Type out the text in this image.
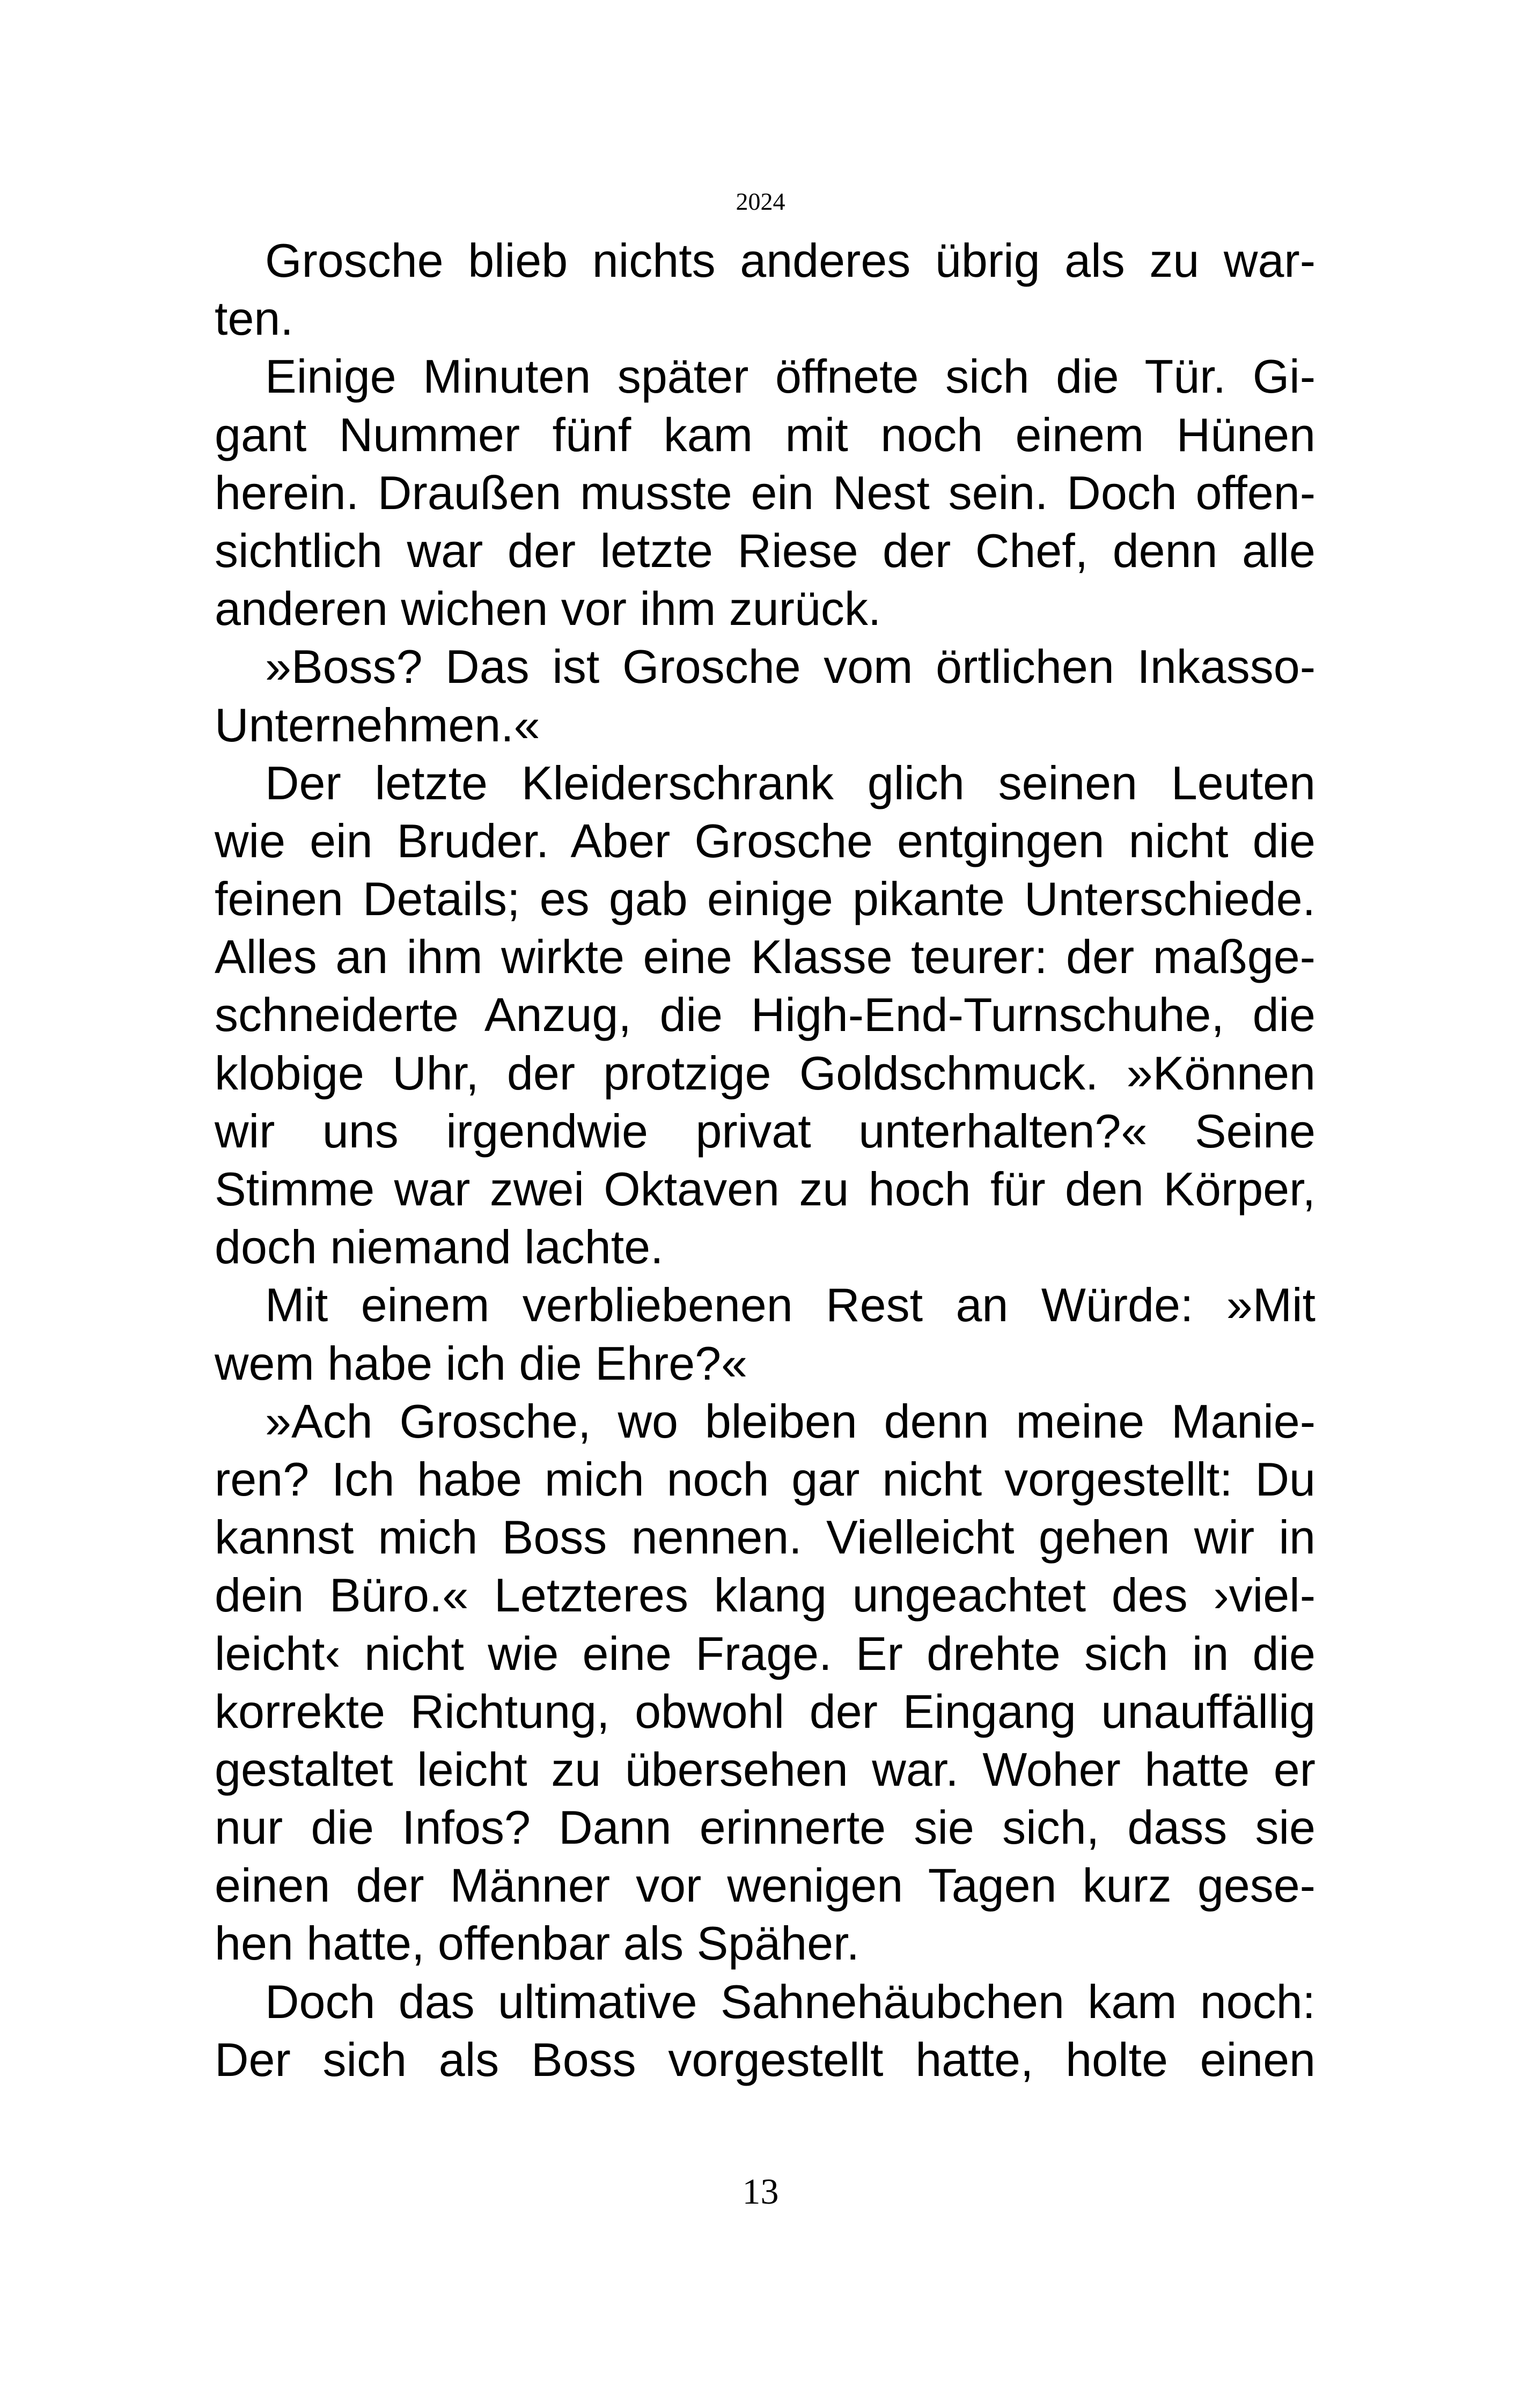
2024
Grosche blieb nichts anderes übrig als zu war-
ten.
Einige Minuten später öffnete sich die Tür. Gi-
gant Nummer fünf kam mit noch einem Hünen
herein. Draußen musste ein Nest sein. Doch offen-
sichtlich war der letzte Riese der Chef, denn alle
anderen wichen vor ihm zurück.
»Boss? Das ist Grosche vom örtlichen Inkasso-
Unternehmen.«
Der letzte Kleiderschrank glich seinen Leuten
wie ein Bruder. Aber Grosche entgingen nicht die
feinen Details; es gab einige pikante Unterschiede.
Alles an ihm wirkte eine Klasse teurer: der maßge-
schneiderte Anzug, die High-End-Turnschuhe, die
klobige Uhr, der protzige Goldschmuck. »Können
wir uns irgendwie privat unterhalten?« Seine
Stimme war zwei Oktaven zu hoch für den Körper,
doch niemand lachte.
Mit einem verbliebenen Rest an Würde: »Mit
wem habe ich die Ehre?«
»Ach Grosche, wo bleiben denn meine Manie-
ren? Ich habe mich noch gar nicht vorgestellt: Du
kannst mich Boss nennen. Vielleicht gehen wir in
dein Büro.« Letzteres klang ungeachtet des ›viel-
leicht‹ nicht wie eine Frage. Er drehte sich in die
korrekte Richtung, obwohl der Eingang unauffällig
gestaltet leicht zu übersehen war. Woher hatte er
nur die Infos? Dann erinnerte sie sich, dass sie
einen der Männer vor wenigen Tagen kurz gese-
hen hatte, offenbar als Späher.
Doch das ultimative Sahnehäubchen kam noch:
Der sich als Boss vorgestellt hatte, holte einen
13
